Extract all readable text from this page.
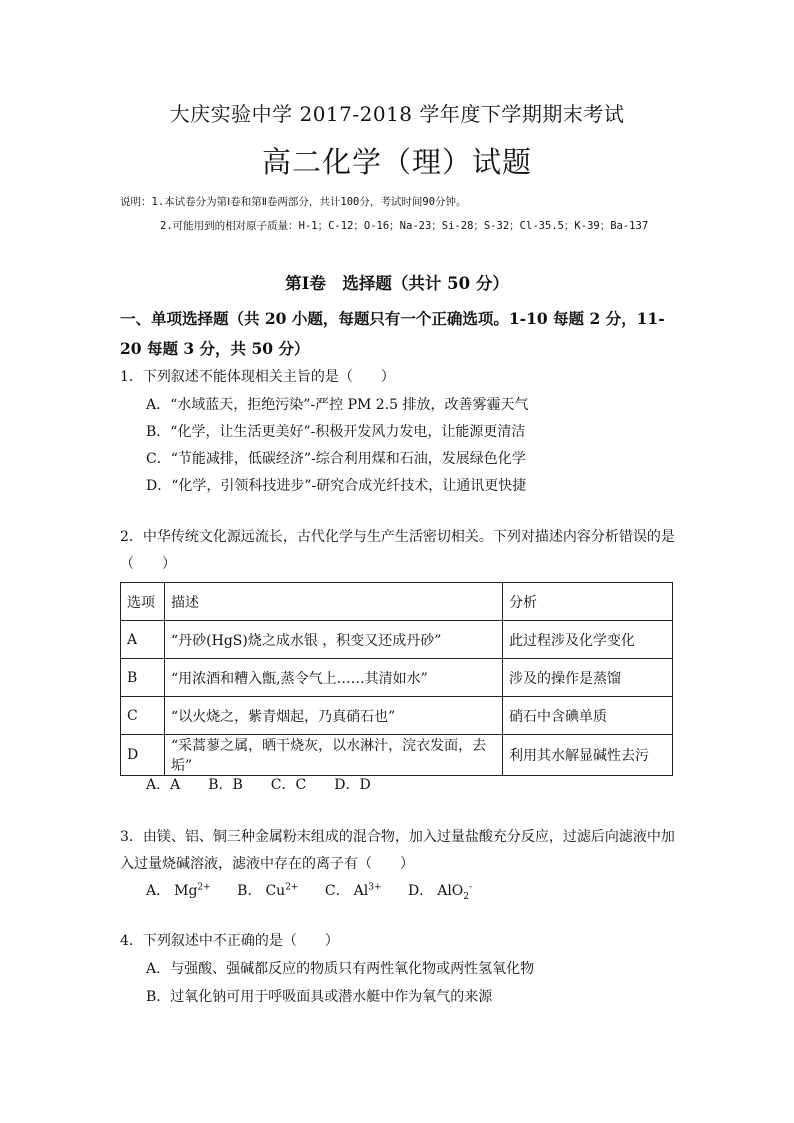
大庆实验中学 2017-2018 学年度下学期期末考试
高二化学（理）试题
说明：1.本试卷分为第Ⅰ卷和第Ⅱ卷两部分，共计100分，考试时间90分钟。
2.可能用到的相对原子质量：H-1；C-12；O-16；Na-23；Si-28；S-32；Cl-35.5；K-39；Ba-137
第Ⅰ卷　选择题（共计 50 分）
一、单项选择题（共 20 小题，每题只有一个正确选项。1-10 每题 2 分，11-20 每题 3 分，共 50 分）
1．下列叙述不能体现相关主旨的是（　　）
A．“水域蓝天，拒绝污染”-严控 PM 2.5 排放，改善雾霾天气
B．“化学，让生活更美好”-积极开发风力发电，让能源更清洁
C．“节能减排，低碳经济”-综合利用煤和石油，发展绿色化学
D．“化学，引领科技进步”-研究合成光纤技术，让通讯更快捷
2．中华传统文化源远流长，古代化学与生产生活密切相关。下列对描述内容分析错误的是
（　　）
选项	描述	分析
A	“丹砂(HgS)烧之成水银 ，积变又还成丹砂”	此过程涉及化学变化
B	“用浓酒和糟入甑,蒸令气上……其清如水”	涉及的操作是蒸馏
C	“以火烧之，紫青烟起，乃真硝石也”	硝石中含碘单质
D	“采蒿蓼之属，晒干烧灰，以水淋汁，浣衣发面，去垢”	利用其水解显碱性去污
A．A　　B．B　　C．C　　D．D
3．由镁、铝、铜三种金属粉末组成的混合物，加入过量盐酸充分反应，过滤后向滤液中加
入过量烧碱溶液，滤液中存在的离子有（　　）
A． $Mg^{2+}$ B． $Cu^{2+}$ C． $Al^{3+}$ D． AlO$_2$-
4．下列叙述中不正确的是（　　）
A．与强酸、强碱都反应的物质只有两性氧化物或两性氢氧化物
B．过氧化钠可用于呼吸面具或潜水艇中作为氧气的来源
